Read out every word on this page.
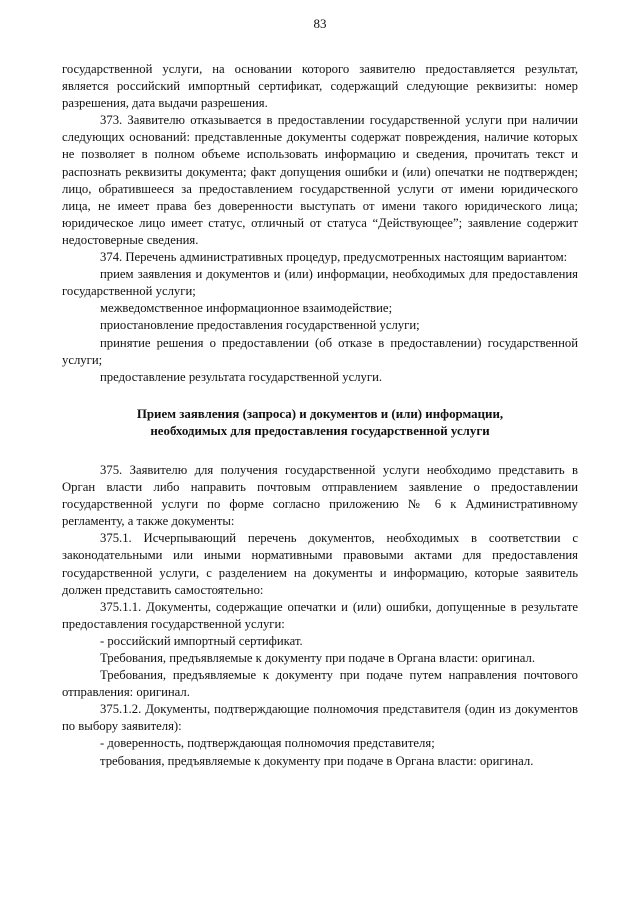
83

государственной услуги, на основании которого заявителю предоставляется результат, является российский импортный сертификат, содержащий следующие реквизиты: номер разрешения, дата выдачи разрешения.

373. Заявителю отказывается в предоставлении государственной услуги при наличии следующих оснований: представленные документы содержат повреждения, наличие которых не позволяет в полном объеме использовать информацию и сведения, прочитать текст и распознать реквизиты документа; факт допущения ошибки и (или) опечатки не подтвержден; лицо, обратившееся за предоставлением государственной услуги от имени юридического лица, не имеет права без доверенности выступать от имени такого юридического лица; юридическое лицо имеет статус, отличный от статуса “Действующее”; заявление содержит недостоверные сведения.

374. Перечень административных процедур, предусмотренных настоящим вариантом:

прием заявления и документов и (или) информации, необходимых для предоставления государственной услуги;

межведомственное информационное взаимодействие;

приостановление предоставления государственной услуги;

принятие решения о предоставлении (об отказе в предоставлении) государственной услуги;

предоставление результата государственной услуги.

Прием заявления (запроса) и документов и (или) информации,
необходимых для предоставления государственной услуги

375. Заявителю для получения государственной услуги необходимо представить в Орган власти либо направить почтовым отправлением заявление о предоставлении государственной услуги по форме согласно приложению № 6 к Административному регламенту, а также документы:

375.1. Исчерпывающий перечень документов, необходимых в соответствии с законодательными или иными нормативными правовыми актами для предоставления государственной услуги, с разделением на документы и информацию, которые заявитель должен представить самостоятельно:

375.1.1. Документы, содержащие опечатки и (или) ошибки, допущенные в результате предоставления государственной услуги:

- российский импортный сертификат.

Требования, предъявляемые к документу при подаче в Органа власти: оригинал.

Требования, предъявляемые к документу при подаче путем направления почтового отправления: оригинал.

375.1.2. Документы, подтверждающие полномочия представителя (один из документов по выбору заявителя):

- доверенность, подтверждающая полномочия представителя;

требования, предъявляемые к документу при подаче в Органа власти: оригинал.
